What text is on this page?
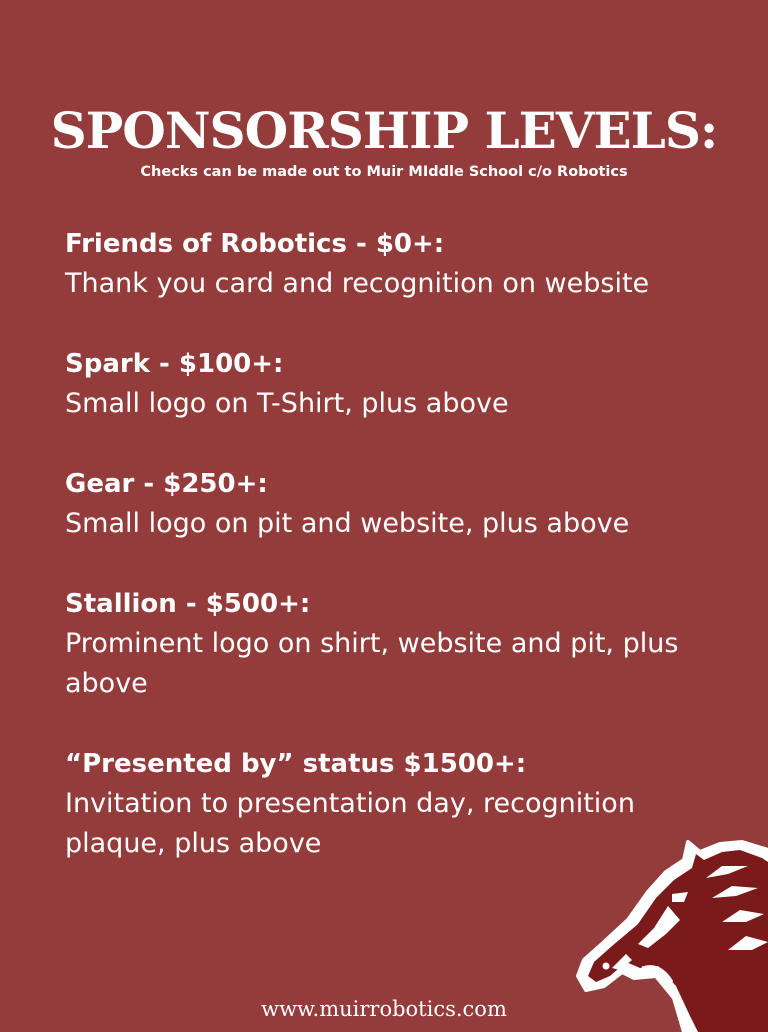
SPONSORSHIP LEVELS:

Checks can be made out to Muir MIddle School c/o Robotics

Friends of Robotics - $0+:
Thank you card and recognition on website
Spark - $100+:
Small logo on T-Shirt, plus above
Gear - $250+:
Small logo on pit and website, plus above
Stallion - $500+:
Prominent logo on shirt, website and pit, plus above
“Presented by” status $1500+:
Invitation to presentation day, recognition plaque, plus above
www.muirrobotics.com
